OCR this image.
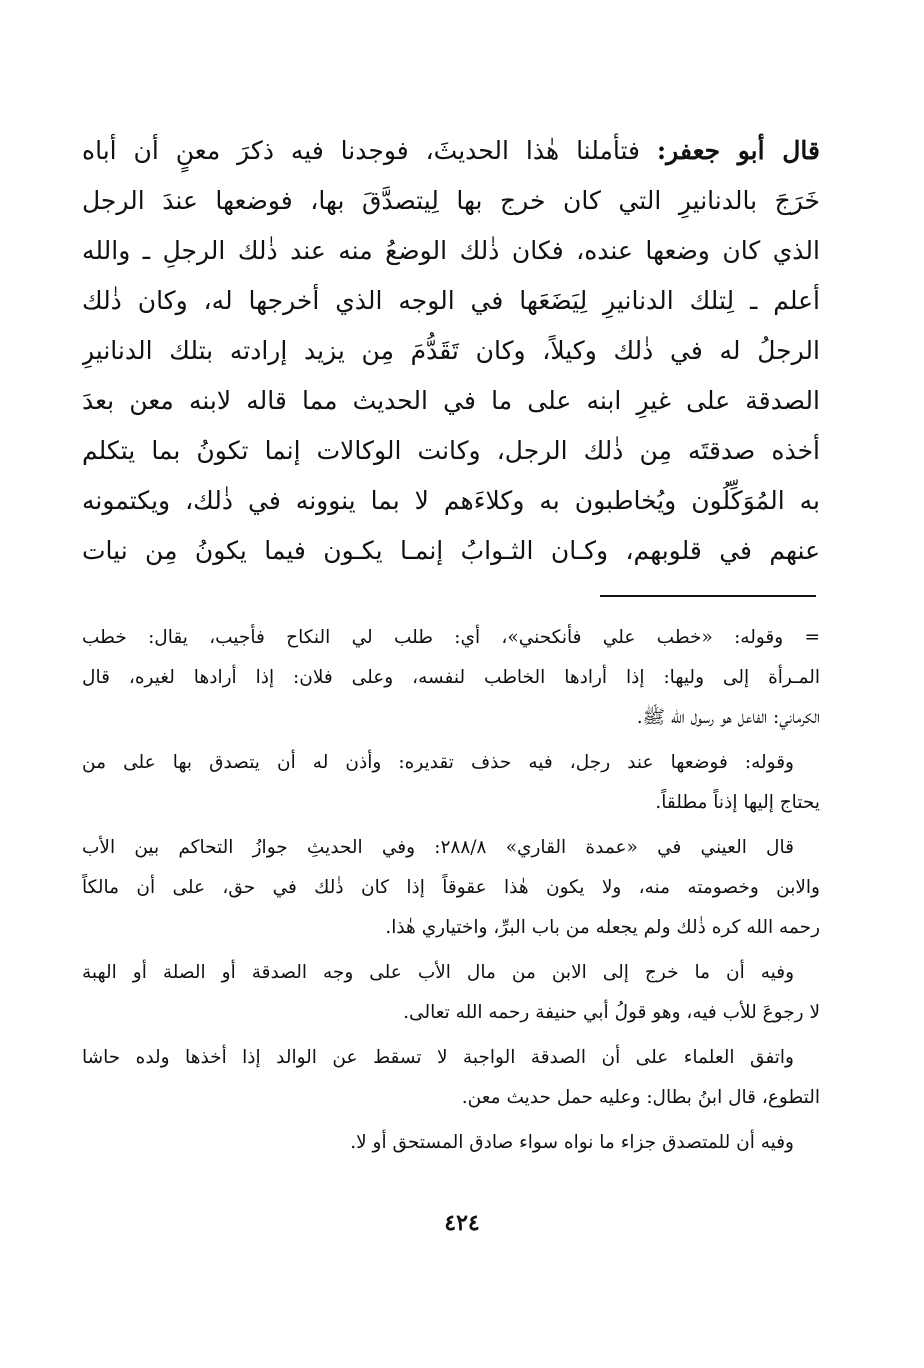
قال أبو جعفر: فتأملنا هٰذا الحديثَ، فوجدنا فيه ذكرَ معنٍ أن أباه
خَرَجَ بالدنانيرِ التي كان خرج بها لِيتصدَّقَ بها، فوضعها عندَ الرجل
الذي كان وضعها عنده، فكان ذٰلك الوضعُ منه عند ذٰلك الرجلِ ـ والله
أعلم ـ لِتلك الدنانيرِ لِيَضَعَها في الوجه الذي أخرجها له، وكان ذٰلك
الرجلُ له في ذٰلك وكيلاً، وكان تَقَدُّمَ مِن يزيد إرادته بتلك الدنانيرِ
الصدقة على غيرِ ابنه على ما في الحديث مما قاله لابنه معن بعدَ
أخذه صدقتَه مِن ذٰلك الرجل، وكانت الوكالات إنما تكونُ بما يتكلم
به المُوَكِّلُون ويُخاطبون به وكلاءَهم لا بما ينوونه في ذٰلك، ويكتمونه
عنهم في قلوبهم، وكـان الثـوابُ إنمـا يكـون فيما يكونُ مِن نيات
= وقوله: «خطب علي فأنكحني»، أي: طلب لي النكاح فأجيب، يقال: خطب
المـرأة إلى وليها: إذا أرادها الخاطب لنفسه، وعلى فلان: إذا أرادها لغيره، قال
الكرماني: الفاعل هو رسول الله ﷺ.
وقوله: فوضعها عند رجل، فيه حذف تقديره: وأذن له أن يتصدق بها على من
يحتاج إليها إذناً مطلقاً.
قال العيني في «عمدة القاري» ٢٨٨/٨: وفي الحديثِ جوازُ التحاكم بين الأب
والابن وخصومته منه، ولا يكون هٰذا عقوقاً إذا كان ذٰلك في حق، على أن مالكاً
رحمه الله كره ذٰلك ولم يجعله من باب البرِّ، واختياري هٰذا.
وفيه أن ما خرج إلى الابن من مال الأب على وجه الصدقة أو الصلة أو الهبة
لا رجوعَ للأب فيه، وهو قولُ أبي حنيفة رحمه الله تعالى.
واتفق العلماء على أن الصدقة الواجبة لا تسقط عن الوالد إذا أخذها ولده حاشا
التطوع، قال ابنُ بطال: وعليه حمل حديث معن.
وفيه أن للمتصدق جزاء ما نواه سواء صادق المستحق أو لا.
٤٢٤
